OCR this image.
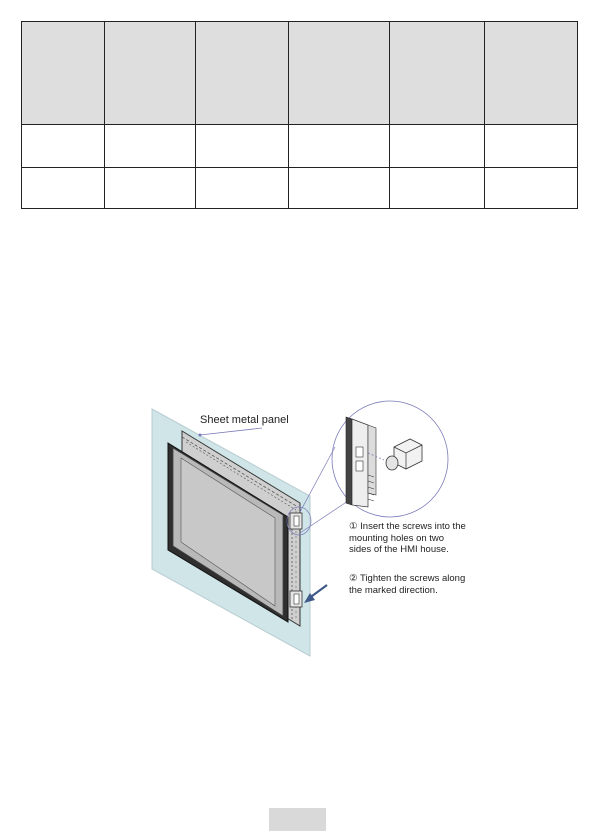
Sheet metal panel
① Insert the screws into the
mounting holes on two
sides of the HMI house.
② Tighten the screws along
the marked direction.
